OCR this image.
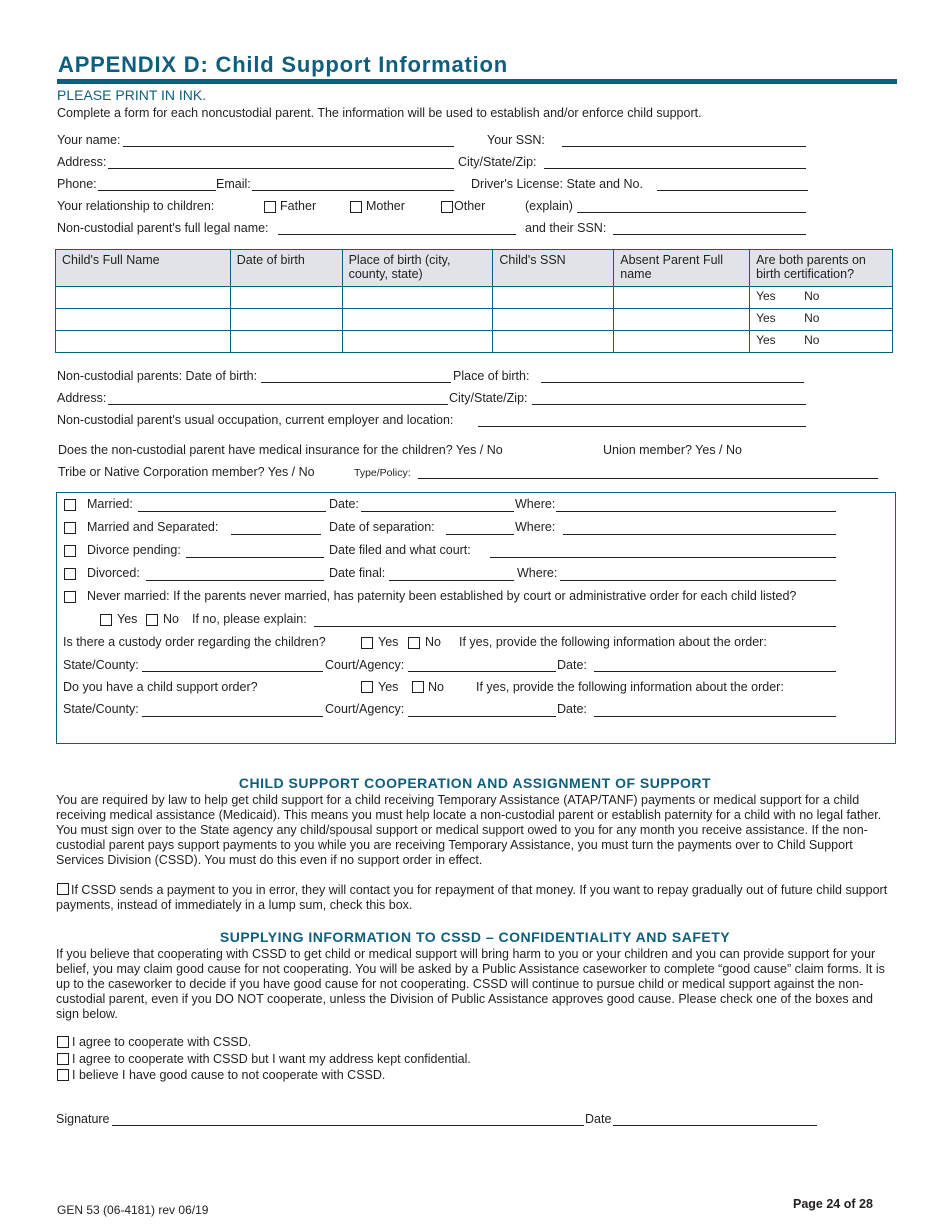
APPENDIX D: Child Support Information
PLEASE PRINT IN INK.
Complete a form for each noncustodial parent. The information will be used to establish and/or enforce child support.
Your name:	Your SSN:
Address:	City/State/Zip:
Phone:	Email:	Driver's License: State and No.
Your relationship to children:	Father	Mother	Other	(explain)
Non-custodial parent's full legal name:	and their SSN:
Child's Full Name	Date of birth	Place of birth (city, county, state)	Child's SSN	Absent Parent Full name	Are both parents on birth certification?

					Yes No

					Yes No

					Yes No
Non-custodial parents: Date of birth:	Place of birth:
Address:	City/State/Zip:
Non-custodial parent's usual occupation, current employer and location:
Does the non-custodial parent have medical insurance for the children? Yes / No	Union member? Yes / No
Tribe or Native Corporation member? Yes / No	Type/Policy:
Married:	Date:	Where:
Married and Separated:	Date of separation:	Where:
Divorce pending:	Date filed and what court:
Divorced:	Date final:	Where:
Never married: If the parents never married, has paternity been established by court or administrative order for each child listed?
Yes No If no, please explain:
Is there a custody order regarding the children?	Yes No If yes, provide the following information about the order:
State/County:	Court/Agency:	Date:
Do you have a child support order?	Yes No	If yes, provide the following information about the order:
State/County:	Court/Agency:	Date:
CHILD SUPPORT COOPERATION AND ASSIGNMENT OF SUPPORT
You are required by law to help get child support for a child receiving Temporary Assistance (ATAP/TANF) payments or medical support for a child receiving medical assistance (Medicaid). This means you must help locate a non-custodial parent or establish paternity for a child with no legal father. You must sign over to the State agency any child/spousal support or medical support owed to you for any month you receive assistance. If the non-custodial parent pays support payments to you while you are receiving Temporary Assistance, you must turn the payments over to Child Support Services Division (CSSD). You must do this even if no support order in effect.
If CSSD sends a payment to you in error, they will contact you for repayment of that money. If you want to repay gradually out of future child support payments, instead of immediately in a lump sum, check this box.
SUPPLYING INFORMATION TO CSSD – CONFIDENTIALITY AND SAFETY
If you believe that cooperating with CSSD to get child or medical support will bring harm to you or your children and you can provide support for your belief, you may claim good cause for not cooperating. You will be asked by a Public Assistance caseworker to complete “good cause” claim forms. It is up to the caseworker to decide if you have good cause for not cooperating. CSSD will continue to pursue child or medical support against the non-custodial parent, even if you DO NOT cooperate, unless the Division of Public Assistance approves good cause. Please check one of the boxes and sign below.
I agree to cooperate with CSSD.
I agree to cooperate with CSSD but I want my address kept confidential.
I believe I have good cause to not cooperate with CSSD.
Signature	Date
GEN 53 (06-4181) rev 06/19	Page 24 of 28
